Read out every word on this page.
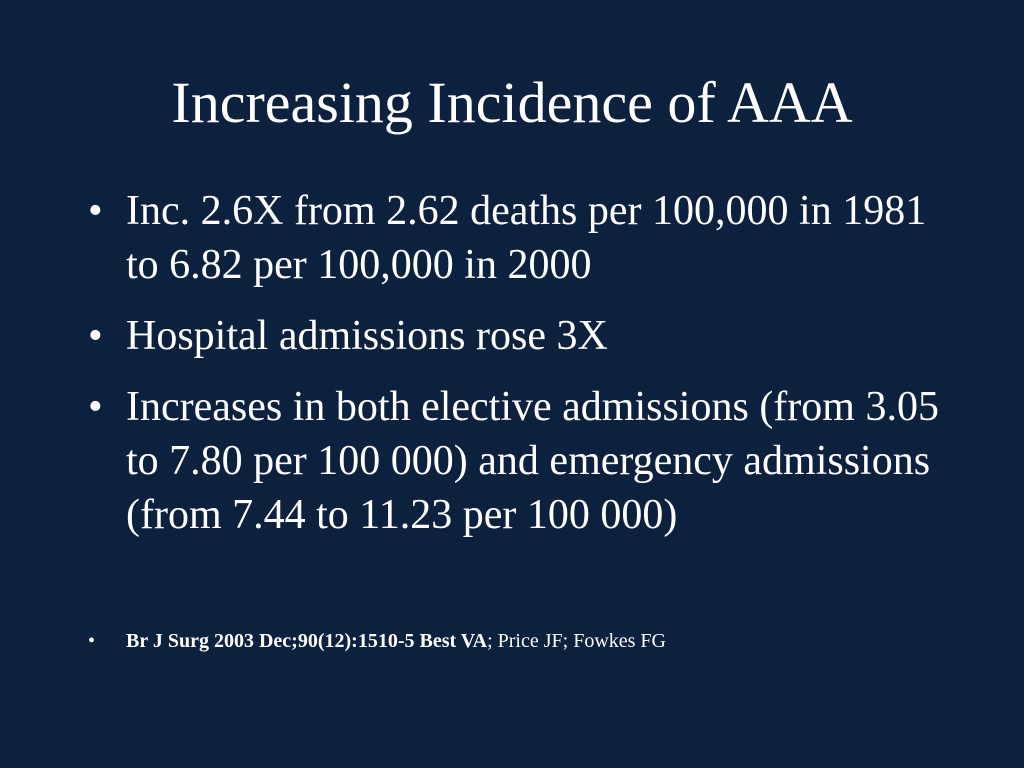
Increasing Incidence of AAA
• Inc. 2.6X from 2.62 deaths per 100,000 in 1981 to 6.82 per 100,000 in 2000
• Hospital admissions rose 3X
• Increases in both elective admissions (from 3.05 to 7.80 per 100 000) and emergency admissions (from 7.44 to 11.23 per 100 000)
• Br J Surg 2003 Dec;90(12):1510-5 Best VA; Price JF; Fowkes FG
